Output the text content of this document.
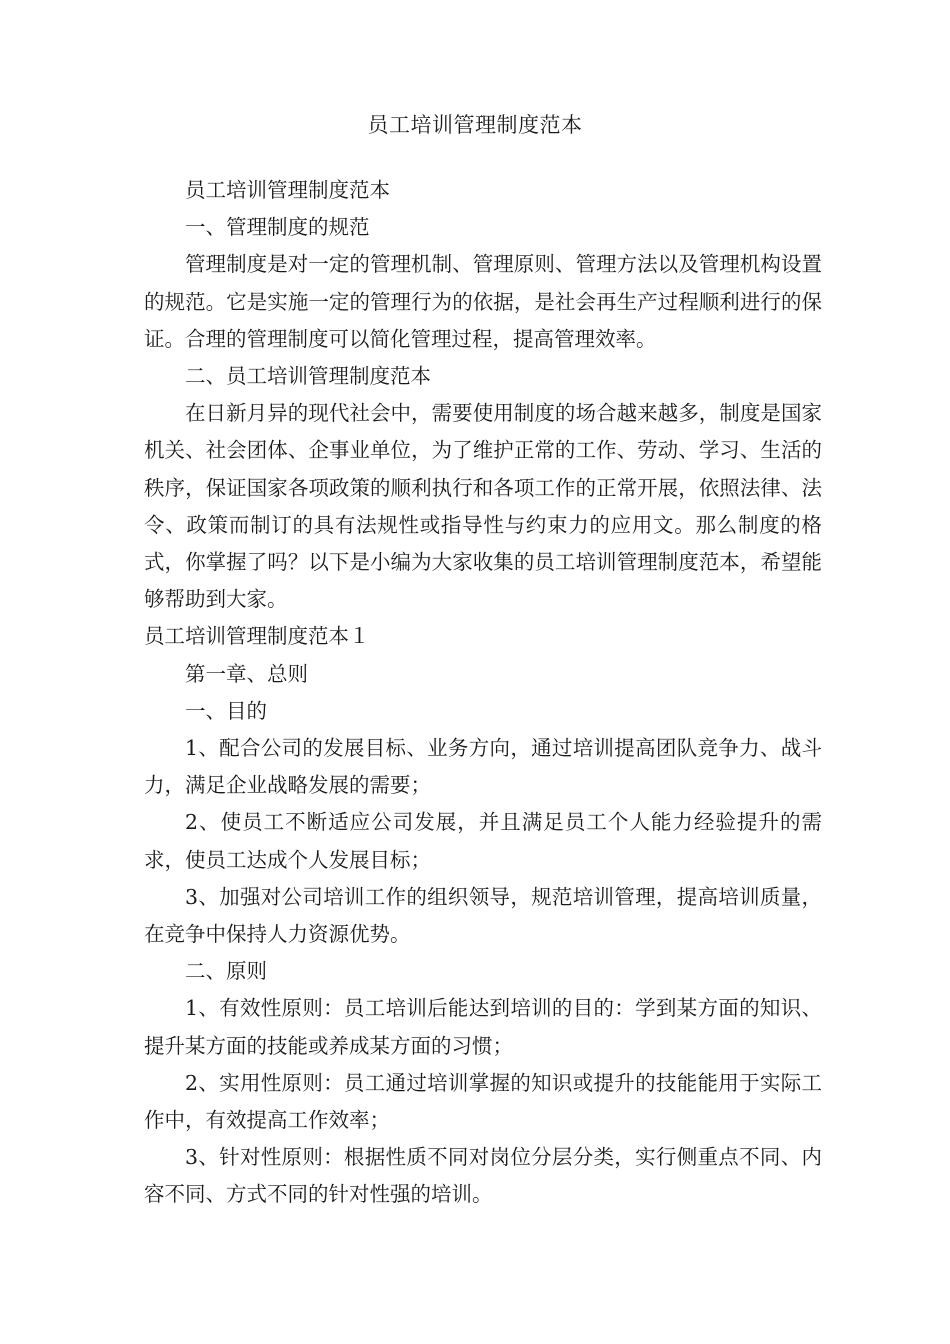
员工培训管理制度范本

员工培训管理制度范本

一、管理制度的规范

管理制度是对一定的管理机制、管理原则、管理方法以及管理机构设置的规范。它是实施一定的管理行为的依据，是社会再生产过程顺利进行的保证。合理的管理制度可以简化管理过程，提高管理效率。

二、员工培训管理制度范本

在日新月异的现代社会中，需要使用制度的场合越来越多，制度是国家机关、社会团体、企事业单位，为了维护正常的工作、劳动、学习、生活的秩序，保证国家各项政策的顺利执行和各项工作的正常开展，依照法律、法令、政策而制订的具有法规性或指导性与约束力的应用文。那么制度的格式，你掌握了吗？以下是小编为大家收集的员工培训管理制度范本，希望能够帮助到大家。

员工培训管理制度范本１

第一章、总则

一、目的

1、配合公司的发展目标、业务方向，通过培训提高团队竞争力、战斗力，满足企业战略发展的需要；

2、使员工不断适应公司发展，并且满足员工个人能力经验提升的需求，使员工达成个人发展目标；

3、加强对公司培训工作的组织领导，规范培训管理，提高培训质量，在竞争中保持人力资源优势。

二、原则

1、有效性原则：员工培训后能达到培训的目的：学到某方面的知识、提升某方面的技能或养成某方面的习惯；

2、实用性原则：员工通过培训掌握的知识或提升的技能能用于实际工作中，有效提高工作效率；

3、针对性原则：根据性质不同对岗位分层分类，实行侧重点不同、内容不同、方式不同的针对性强的培训。
